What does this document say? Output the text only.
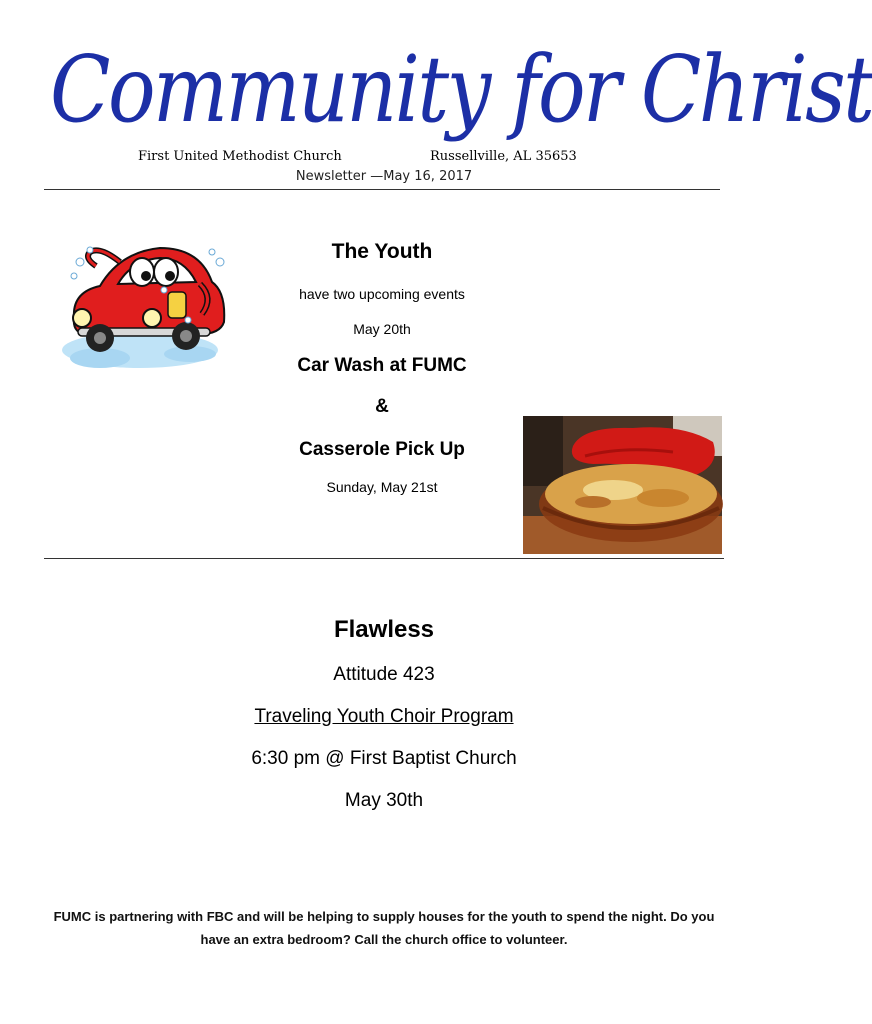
Community for Christ
First United Methodist Church	Russellville, AL 35653
Newsletter —May 16, 2017
The Youth
have two upcoming events
May 20th
Car Wash at FUMC
&
Casserole Pick Up
Sunday, May 21st
Flawless
Attitude 423
Traveling Youth Choir Program
6:30 pm @ First Baptist Church
May 30th
FUMC is partnering with FBC and will be helping to supply houses for the youth to spend the night. Do you
have an extra bedroom? Call the church office to volunteer.
